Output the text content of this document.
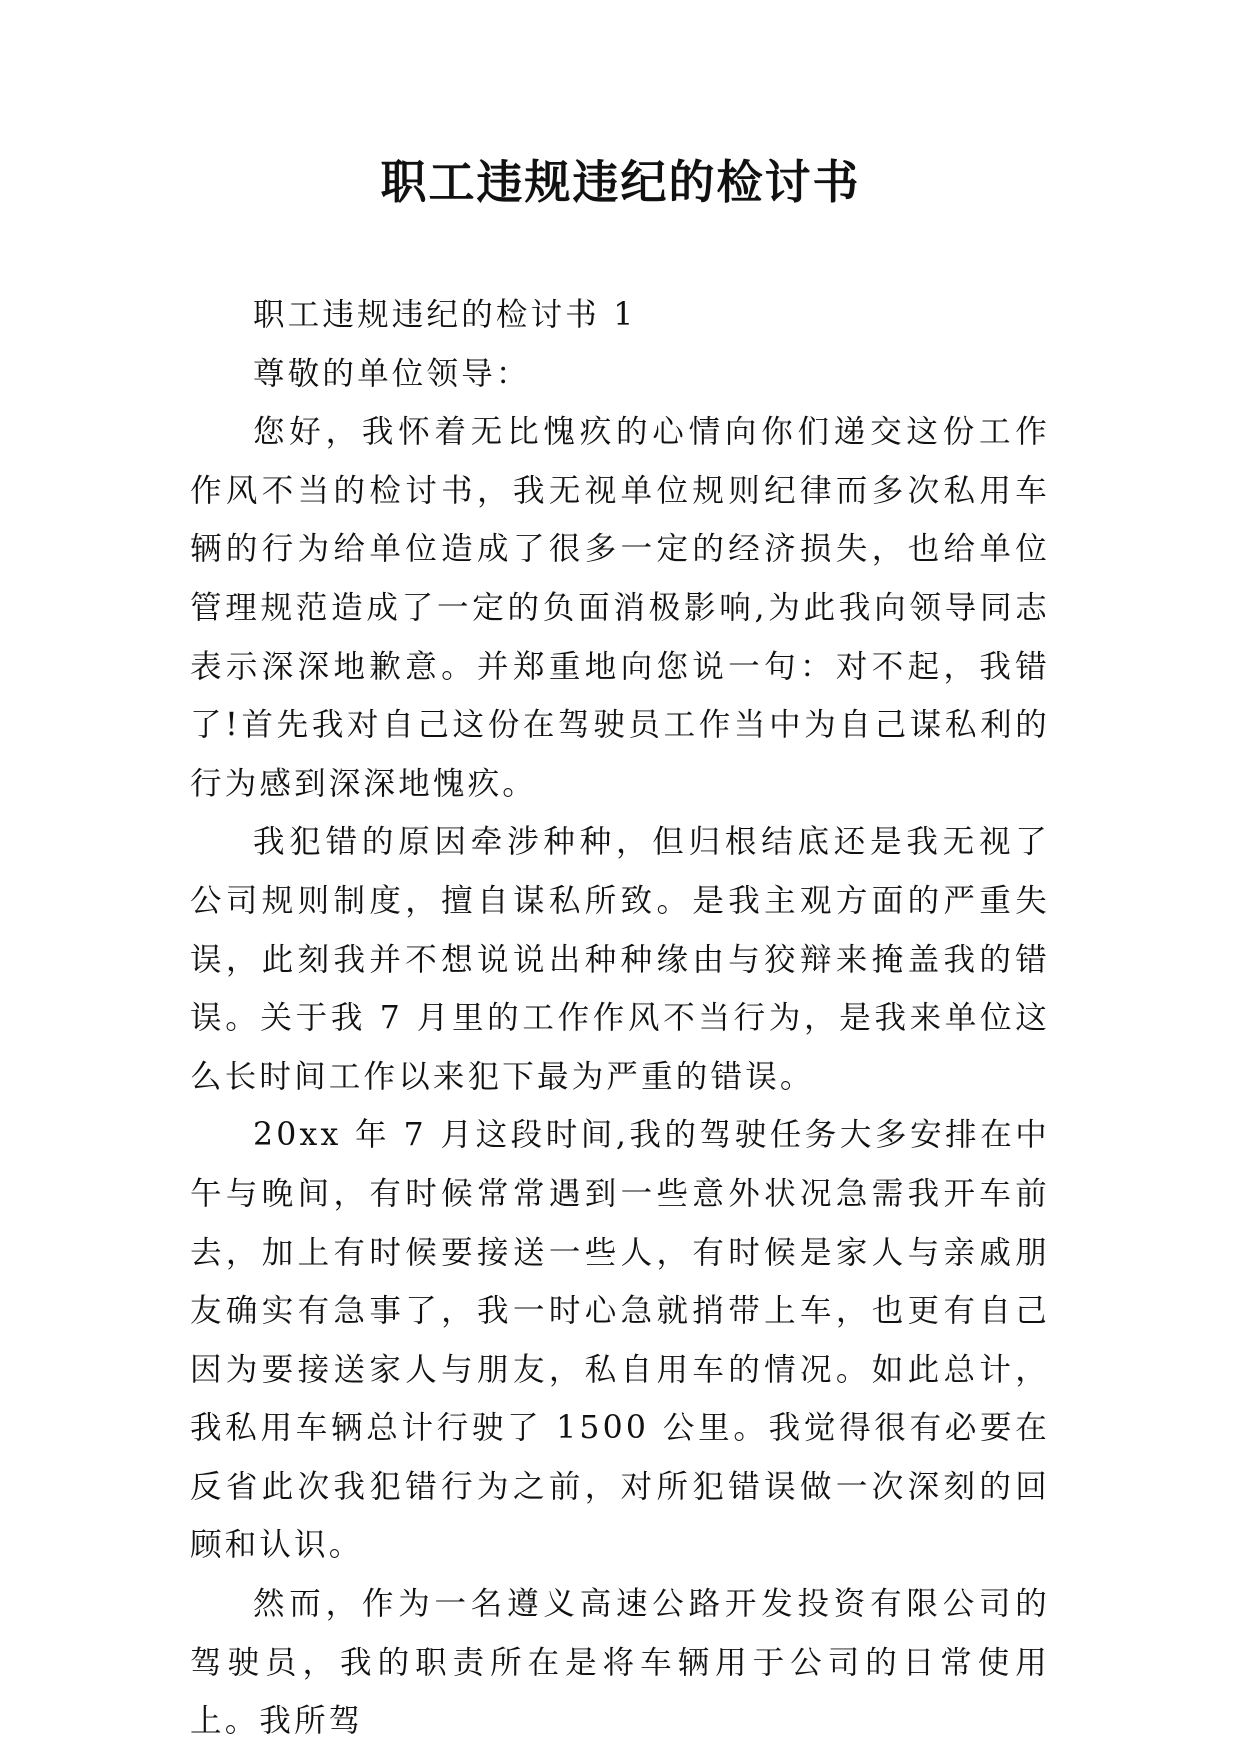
职工违规违纪的检讨书

职工违规违纪的检讨书 1

尊敬的单位领导：

您好，我怀着无比愧疚的心情向你们递交这份工作作风不当的检讨书，我无视单位规则纪律而多次私用车辆的行为给单位造成了很多一定的经济损失，也给单位管理规范造成了一定的负面消极影响,为此我向领导同志表示深深地歉意。并郑重地向您说一句：对不起，我错了!首先我对自己这份在驾驶员工作当中为自己谋私利的行为感到深深地愧疚。

我犯错的原因牵涉种种，但归根结底还是我无视了公司规则制度，擅自谋私所致。是我主观方面的严重失误，此刻我并不想说说出种种缘由与狡辩来掩盖我的错误。关于我 7 月里的工作作风不当行为，是我来单位这么长时间工作以来犯下最为严重的错误。

20xx 年 7 月这段时间,我的驾驶任务大多安排在中午与晚间，有时候常常遇到一些意外状况急需我开车前去，加上有时候要接送一些人，有时候是家人与亲戚朋友确实有急事了，我一时心急就捎带上车，也更有自己因为要接送家人与朋友，私自用车的情况。如此总计，我私用车辆总计行驶了 1500 公里。我觉得很有必要在反省此次我犯错行为之前，对所犯错误做一次深刻的回顾和认识。

然而，作为一名遵义高速公路开发投资有限公司的驾驶员，我的职责所在是将车辆用于公司的日常使用上。我所驾
